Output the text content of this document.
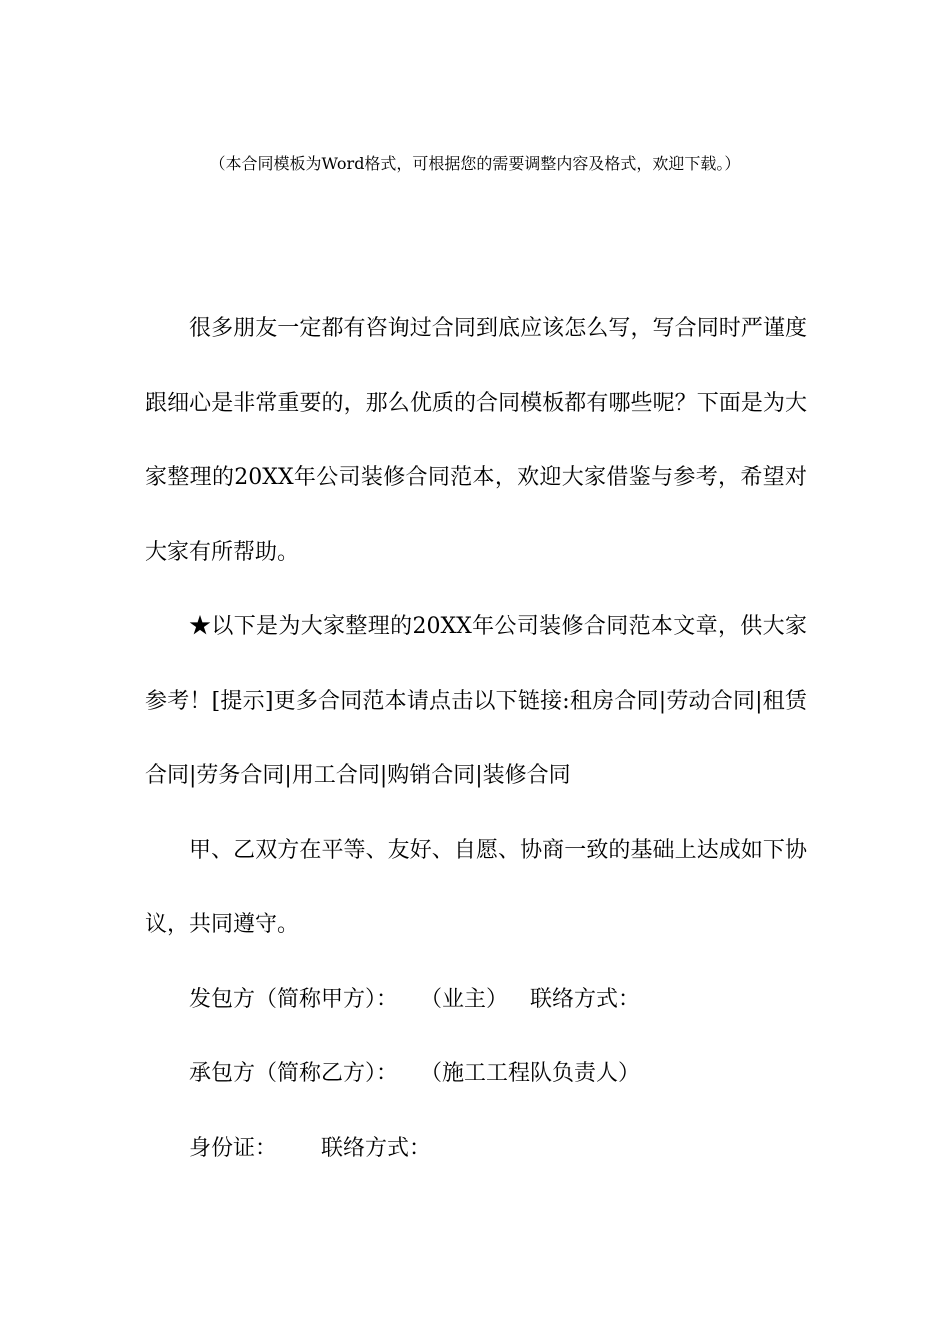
（本合同模板为Word格式，可根据您的需要调整内容及格式，欢迎下载。）

很多朋友一定都有咨询过合同到底应该怎么写，写合同时严谨度跟细心是非常重要的，那么优质的合同模板都有哪些呢？下面是为大家整理的20XX年公司装修合同范本，欢迎大家借鉴与参考，希望对大家有所帮助。

★以下是为大家整理的20XX年公司装修合同范本文章，供大家参考！[提示]更多合同范本请点击以下链接:租房合同|劳动合同|租赁合同|劳务合同|用工合同|购销合同|装修合同

甲、乙双方在平等、友好、自愿、协商一致的基础上达成如下协议，共同遵守。

发包方（简称甲方）： （业主） 联络方式：
承包方（简称乙方）： （施工工程队负责人）
身份证： 联络方式：
